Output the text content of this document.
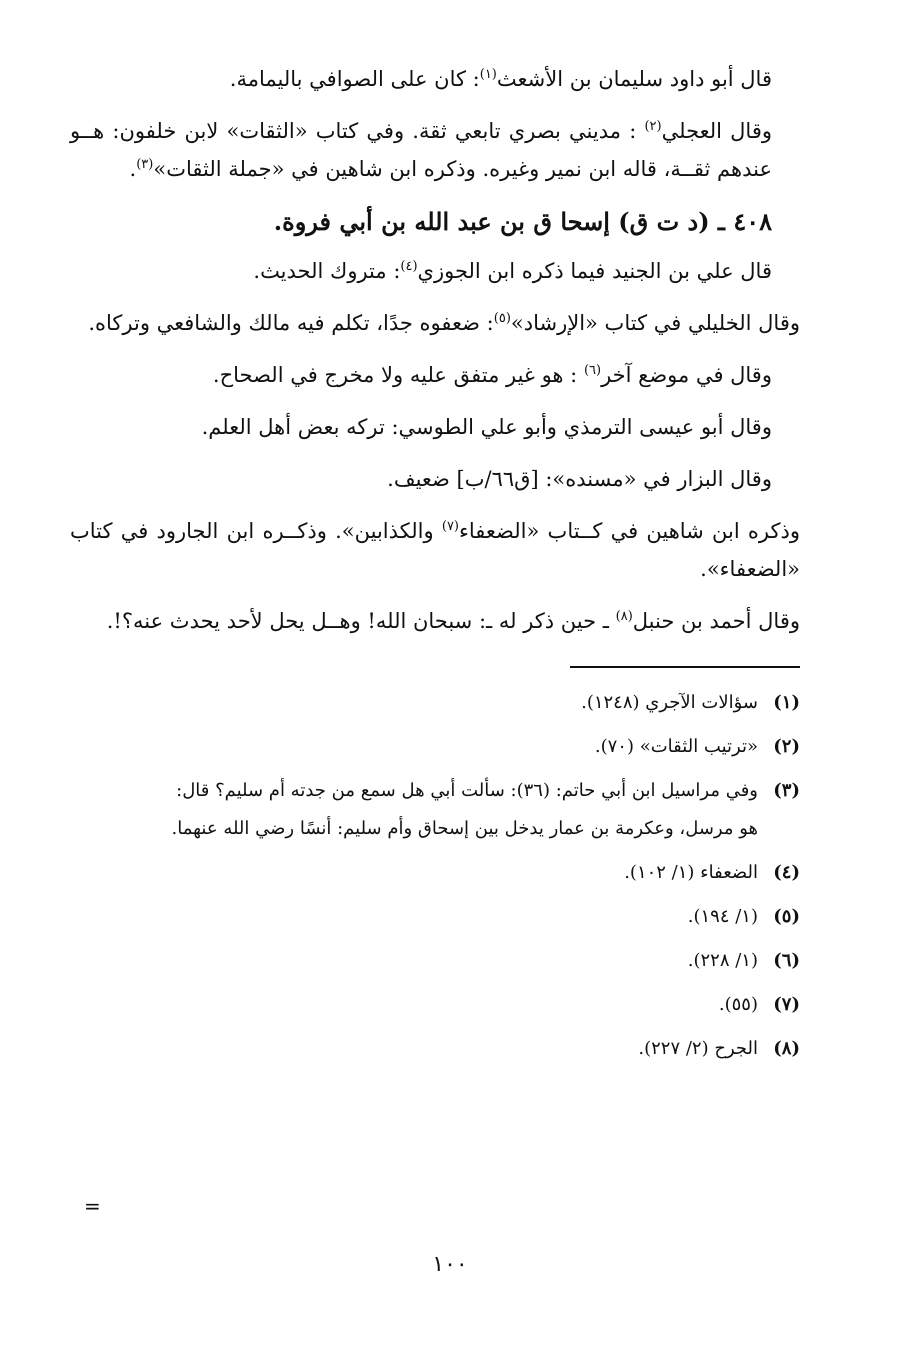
قال أبو داود سليمان بن الأشعث$^{(١)}$: كان على الصوافي باليمامة.
وقال العجلي$^{(٢)}$ : مديني بصري تابعي ثقة. وفي كتاب «الثقات» لابن خلفون: هــو عندهم ثقــة، قاله ابن نمير وغيره. وذكره ابن شاهين في «جملة الثقات»$^{(٣)}$.
٤٠٨ ـ (د ت ق) إسحا ق بن عبد الله بن أبي فروة.
قال علي بن الجنيد فيما ذكره ابن الجوزي$^{(٤)}$: متروك الحديث.
وقال الخليلي في كتاب «الإرشاد»$^{(٥)}$: ضعفوه جدًا، تكلم فيه مالك والشافعي وتركاه.
وقال في موضع آخر$^{(٦)}$ : هو غير متفق عليه ولا مخرج في الصحاح.
وقال أبو عيسى الترمذي وأبو علي الطوسي: تركه بعض أهل العلم.
وقال البزار في «مسنده»: [ق٦٦/ب] ضعيف.
وذكره ابن شاهين في كــتاب «الضعفاء$^{(٧)}$ والكذابين». وذكــره ابن الجارود في كتاب «الضعفاء».
وقال أحمد بن حنبل$^{(٨)}$ ـ حين ذكر له ـ: سبحان الله! وهــل يحل لأحد يحدث عنه؟!.
(١)

سؤالات الآجري (١٢٤٨).

(٢)

«ترتيب الثقات» (٧٠).

(٣)

وفي مراسيل ابن أبي حاتم: (٣٦): سألت أبي هل سمع من جدته أم سليم؟ قال:

هو مرسل، وعكرمة بن عمار يدخل بين إسحاق وأم سليم: أنسًا رضي الله عنهما.

(٤)

الضعفاء (١/ ١٠٢).

(٥)

(١/ ١٩٤).

(٦)

(١/ ٢٢٨).

(٧)

(٥٥).

(٨)

الجرح (٢/ ٢٢٧).

=
١٠٠
